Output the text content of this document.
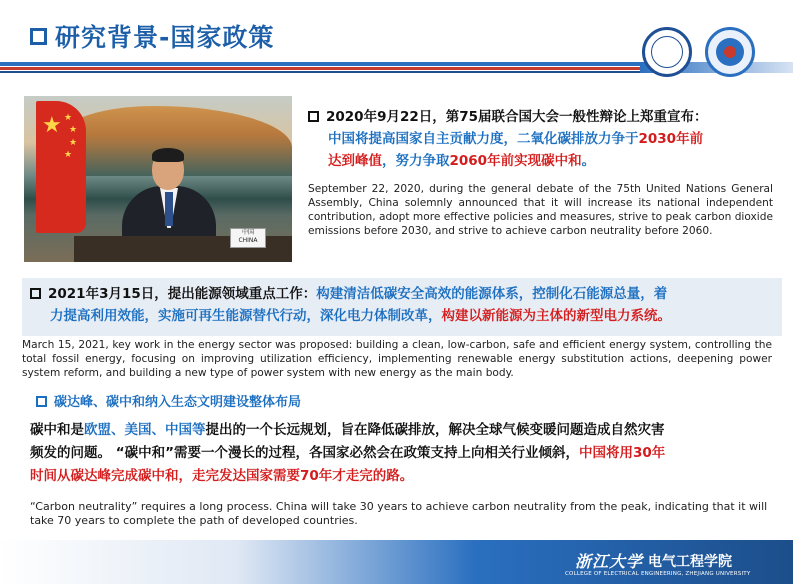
研究背景-国家政策
★ ★
★
★
★
中国
CHINA
2020年9月22日，第75届联合国大会一般性辩论上郑重宣布：
中国将提高国家自主贡献力度，二氧化碳排放力争于2030年前
达到峰值，努力争取2060年前实现碳中和。
September 22, 2020, during the general debate of the 75th United Nations General Assembly, China solemnly announced that it will increase its national independent contribution, adopt more effective policies and measures, strive to peak carbon dioxide emissions before 2030, and strive to achieve carbon neutrality before 2060.
2021年3月15日，提出能源领域重点工作：构建清洁低碳安全高效的能源体系，控制化石能源总量，着
力提高利用效能，实施可再生能源替代行动，深化电力体制改革，构建以新能源为主体的新型电力系统。
March 15, 2021, key work in the energy sector was proposed: building a clean, low-carbon, safe and efficient energy system, controlling the total fossil energy, focusing on improving utilization efficiency, implementing renewable energy substitution actions, deepening power system reform, and building a new type of power system with new energy as the main body.
碳达峰、碳中和纳入生态文明建设整体布局
碳中和是欧盟、美国、中国等提出的一个长远规划，旨在降低碳排放，解决全球气候变暖问题造成自然灾害
频发的问题。 “碳中和”需要一个漫长的过程，各国家必然会在政策支持上向相关行业倾斜，中国将用30年
时间从碳达峰完成碳中和，走完发达国家需要70年才走完的路。
“Carbon neutrality” requires a long process. China will take 30 years to achieve carbon neutrality from the peak, indicating that it will take 70 years to complete the path of developed countries.
浙江大学 电气工程学院
COLLEGE OF ELECTRICAL ENGINEERING, ZHEJIANG UNIVERSITY
